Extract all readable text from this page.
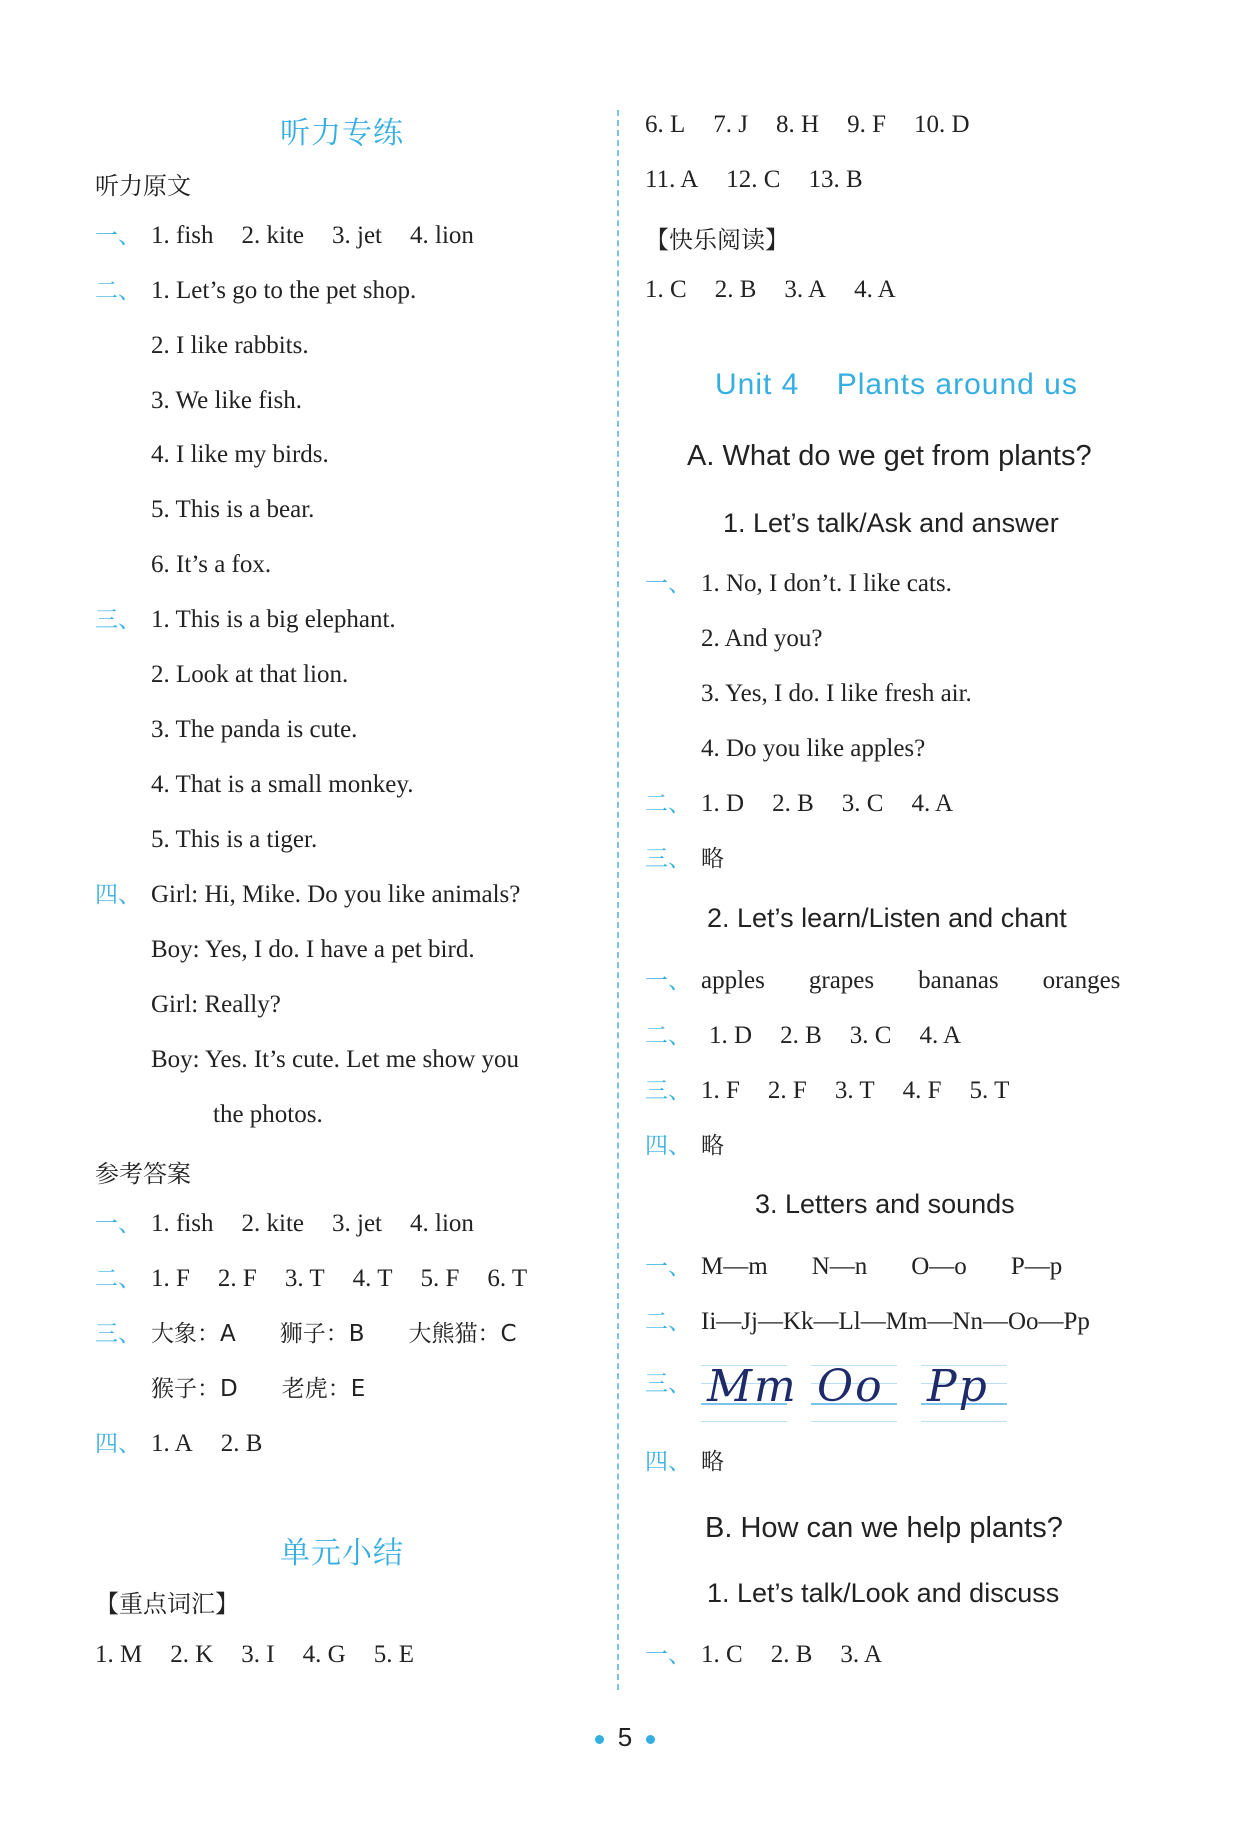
听力专练
听力原文
一、 1. fish 2. kite 3. jet 4. lion
二、 1. Let’s go to the pet shop.
2. I like rabbits.
3. We like fish.
4. I like my birds.
5. This is a bear.
6. It’s a fox.
三、 1. This is a big elephant.
2. Look at that lion.
3. The panda is cute.
4. That is a small monkey.
5. This is a tiger.
四、 Girl: Hi, Mike. Do you like animals?
Boy: Yes, I do. I have a pet bird.
Girl: Really?
Boy: Yes. It’s cute. Let me show you
the photos.
参考答案
一、 1. fish 2. kite 3. jet 4. lion
二、 1. F 2. F 3. T 4. T 5. F 6. T
三、 大象：A 狮子：B 大熊猫：C
猴子：D 老虎：E
四、 1. A 2. B
单元小结
【重点词汇】
1. M 2. K 3. I 4. G 5. E
6. L 7. J 8. H 9. F 10. D
11. A 12. C 13. B
【快乐阅读】
1. C 2. B 3. A 4. A
Unit 4    Plants around us
A. What do we get from plants?
1. Let’s talk/Ask and answer
一、 1. No, I don’t. I like cats.
2. And you?
3. Yes, I do. I like fresh air.
4. Do you like apples?
二、 1. D 2. B 3. C 4. A
三、 略
2. Let’s learn/Listen and chant
一、 apples grapes bananas oranges
二、 1. D 2. B 3. C 4. A
三、 1. F 2. F 3. T 4. F 5. T
四、 略
3. Letters and sounds
一、 M—m N—n O—o P—p
二、 Ii—Jj—Kk—Ll—Mm—Nn—Oo—Pp
三、
四、 略
B. How can we help plants?
1. Let’s talk/Look and discuss
一、 1. C 2. B 3. A
Mm Oo Pp
5
